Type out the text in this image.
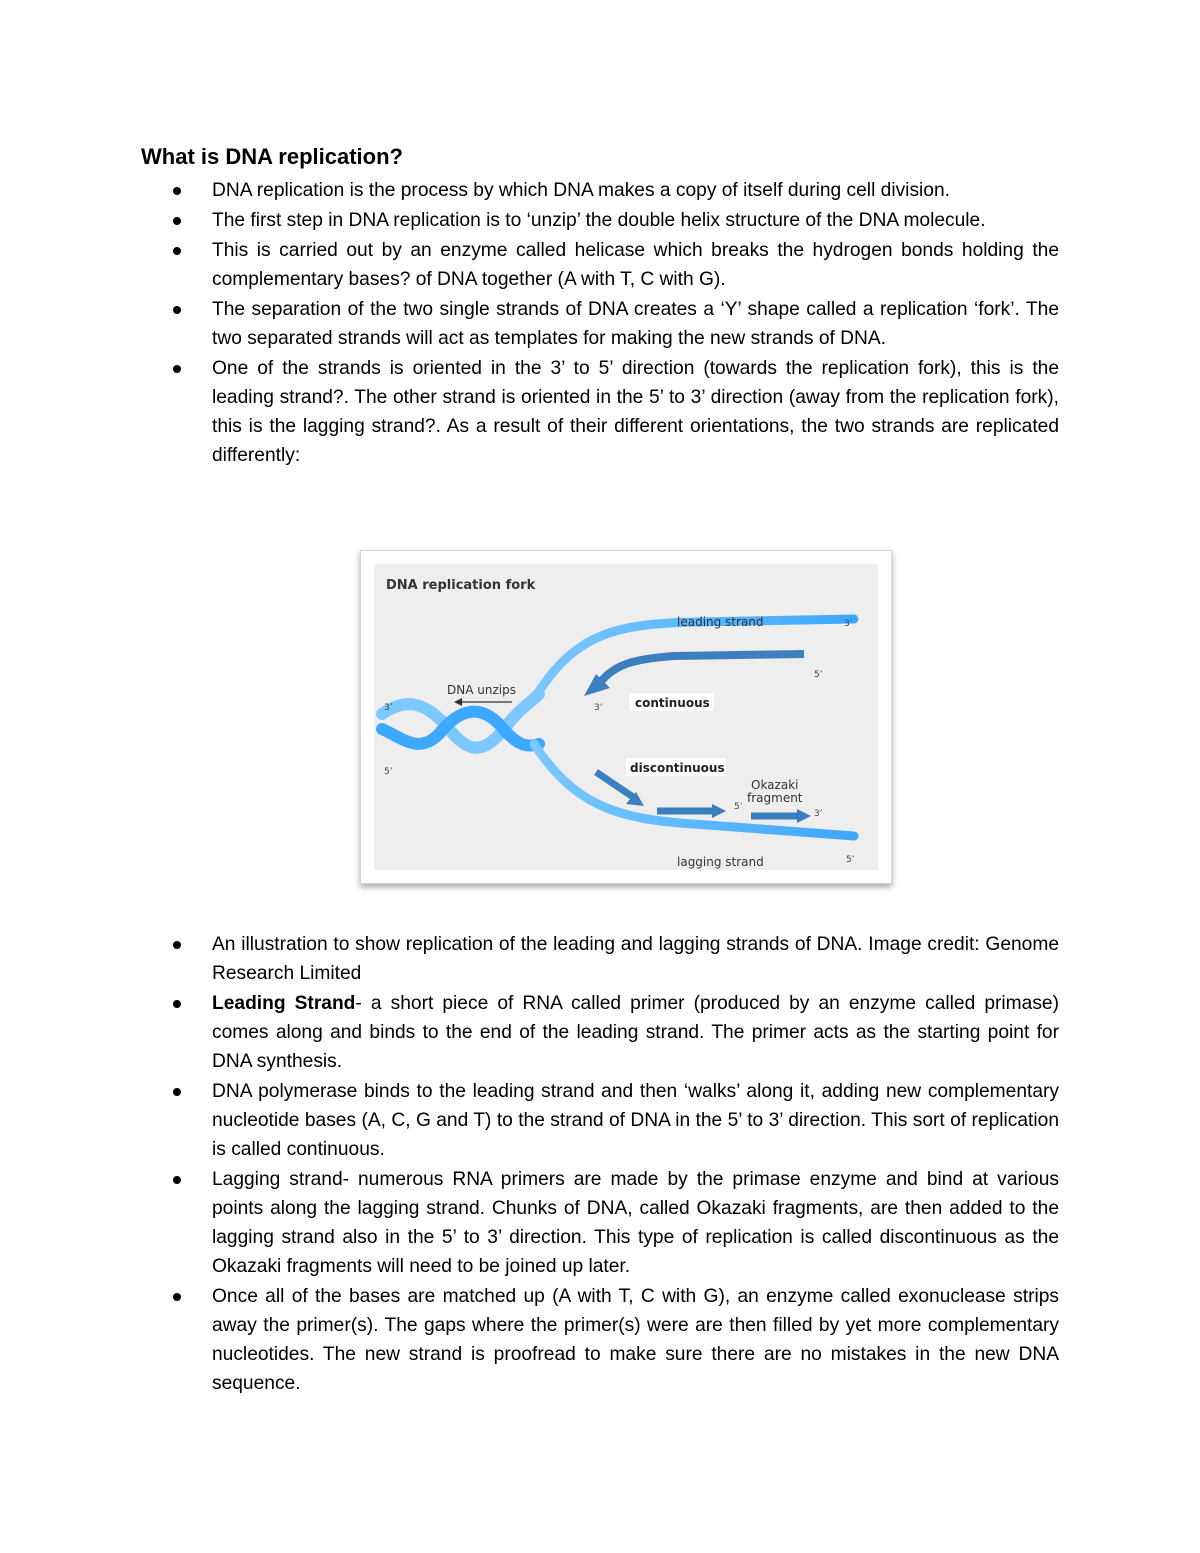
What is DNA replication?
DNA replication is the process by which DNA makes a copy of itself during cell division.
The first step in DNA replication is to ‘unzip’ the double helix structure of the DNA molecule.
This is carried out by an enzyme called helicase which breaks the hydrogen bonds holding the complementary bases? of DNA together (A with T, C with G).
The separation of the two single strands of DNA creates a ‘Y’ shape called a replication ‘fork’. The two separated strands will act as templates for making the new strands of DNA.
One of the strands is oriented in the 3’ to 5’ direction (towards the replication fork), this is the leading strand?. The other strand is oriented in the 5’ to 3’ direction (away from the replication fork), this is the lagging strand?. As a result of their different orientations, the two strands are replicated differently:
DNA replication fork
leading strand	3’
5’
DNA unzips
3’
5’
3’	continuous
discontinuous
Okazaki
fragment
5’
3’
lagging strand	5’
An illustration to show replication of the leading and lagging strands of DNA. Image credit: Genome Research Limited
Leading Strand- a short piece of RNA called primer (produced by an enzyme called primase) comes along and binds to the end of the leading strand. The primer acts as the starting point for DNA synthesis.
DNA polymerase binds to the leading strand and then ‘walks’ along it, adding new complementary nucleotide bases (A, C, G and T) to the strand of DNA in the 5’ to 3’ direction. This sort of replication is called continuous.
Lagging strand- numerous RNA primers are made by the primase enzyme and bind at various points along the lagging strand. Chunks of DNA, called Okazaki fragments, are then added to the lagging strand also in the 5’ to 3’ direction. This type of replication is called discontinuous as the Okazaki fragments will need to be joined up later.
Once all of the bases are matched up (A with T, C with G), an enzyme called exonuclease strips away the primer(s). The gaps where the primer(s) were are then filled by yet more complementary nucleotides. The new strand is proofread to make sure there are no mistakes in the new DNA sequence.
